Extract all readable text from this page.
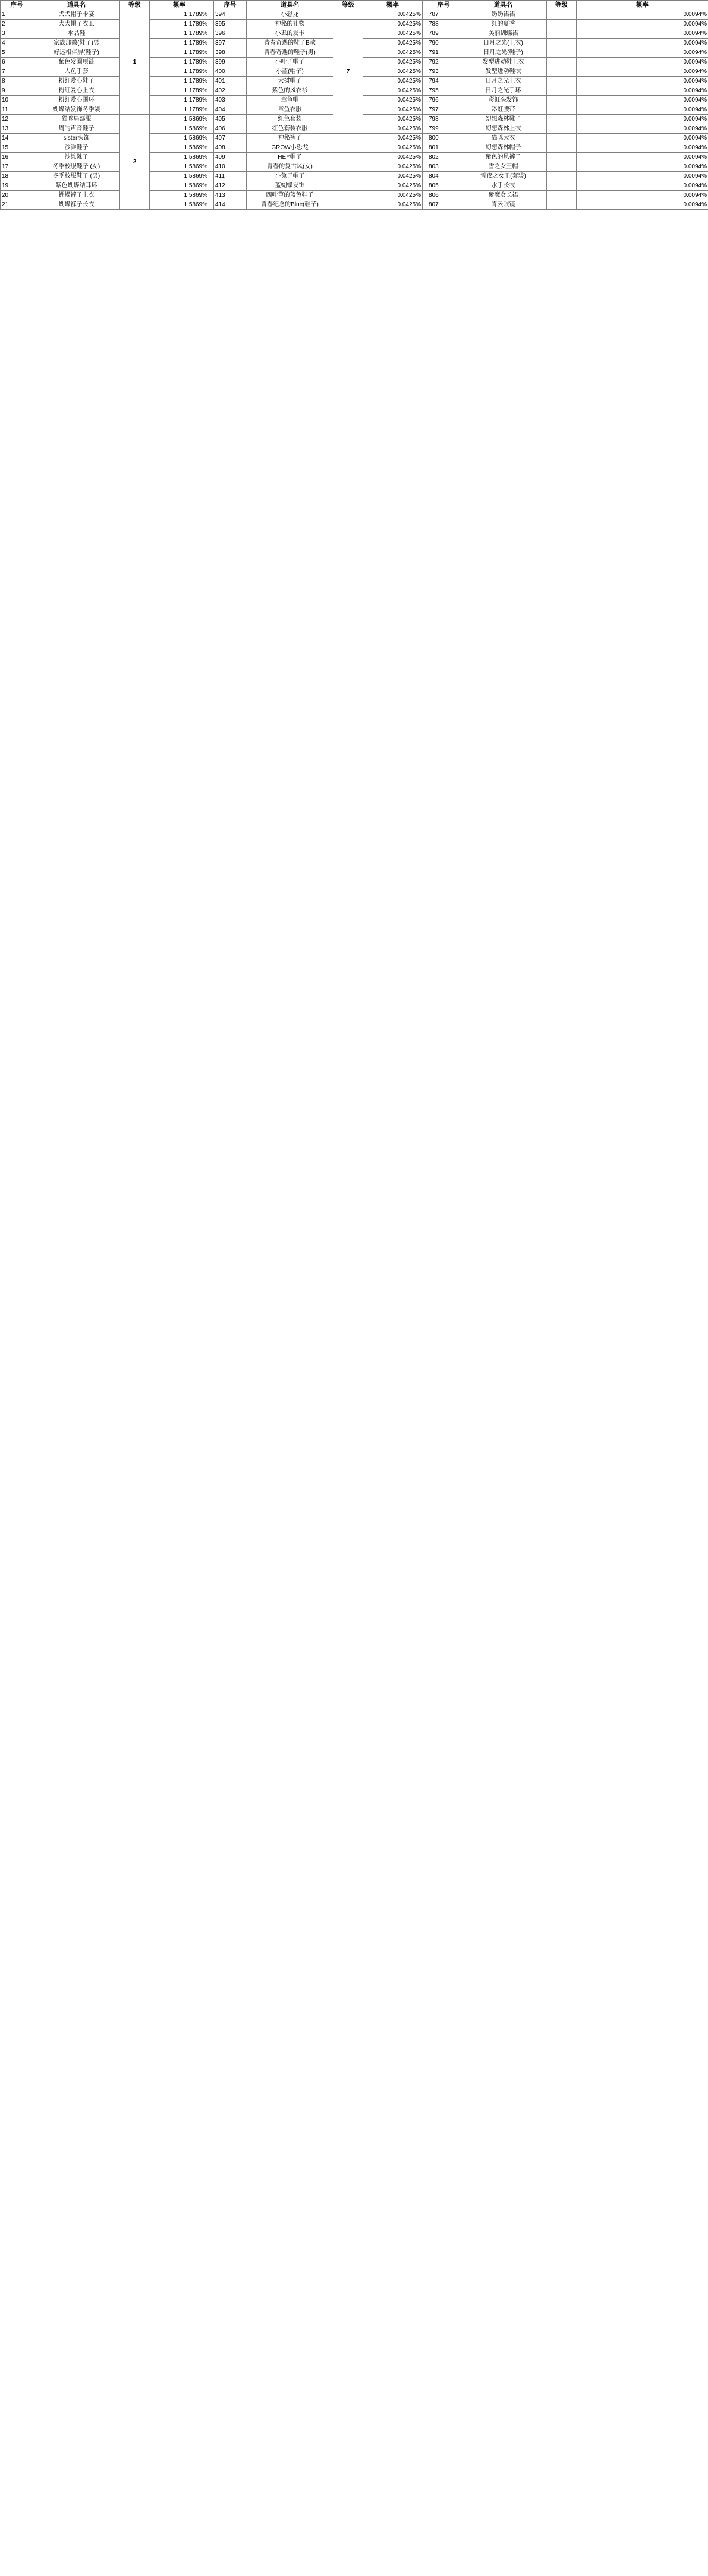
序号	道具名	等级	概率		序号	道具名	等级	概率		序号	道具名	等级	概率
1	犬犬帽子卡宴	1	1.1789%		394	小恐龙		0.0425%		787	奶奶裙裙		0.0094%
2	犬犬帽子衣卫		1.1789%		395	神秘的礼物	7	0.0425%		788	红的夏季		0.0094%
3	水晶鞋		1.1789%		396	小丑的发卡		0.0425%		789	美丽蝴蝶裙		0.0094%
4	家族部徽(鞋子)男		1.1789%		397	青春奇遇的鞋子B款		0.0425%		790	日月之光(上衣)		0.0094%
5	好运相伴屏(鞋子)		1.1789%		398	青春奇遇的鞋子(男)		0.0425%		791	日月之光(鞋子)		0.0094%
6	紫色发圈项链		1.1789%		399	小叶子帽子		0.0425%		792	发型进动鞋上衣		0.0094%
7	人鱼手套		1.1789%		400	小蓝(帽子)		0.0425%		793	发型进动鞋衣		0.0094%
8	粉红爱心鞋子		1.1789%		401	大树帽子		0.0425%		794	日月之光上衣		0.0094%
9	粉红爱心上衣		1.1789%		402	紫色的风衣衫		0.0425%		795	日月之光手环		0.0094%
10	粉红爱心围环		1.1789%		403	章鱼帽		0.0425%		796	彩虹头发饰		0.0094%
11	蝴蝶结发饰冬季装		1.1789%		404	章鱼衣服		0.0425%		797	彩虹腰带		0.0094%
12	猫咪局部服	2	1.5869%		405	红色套装		0.0425%		798	幻想森林靴子		0.0094%
13	周的声音鞋子		1.5869%		406	红色套装衣服		0.0425%		799	幻想森林上衣		0.0094%
14	sister头饰		1.5869%		407	神秘裤子		0.0425%		800	猫咪大衣		0.0094%
15	沙滩鞋子		1.5869%		408	GROW小恐龙		0.0425%		801	幻想森林帽子		0.0094%
16	沙滩靴子		1.5869%		409	HEY帽子		0.0425%		802	紫色的风裤子		0.0094%
17	冬季校服鞋子 (女)		1.5869%		410	青春的复古风(女)		0.0425%		803	雪之女王帽		0.0094%
18	冬季校服鞋子 (男)		1.5869%		411	小兔子帽子		0.0425%		804	雪夜之女王(套装)		0.0094%
19	紫色蝴蝶结耳环		1.5869%		412	蓝蝴蝶发饰		0.0425%		805	水手长衣		0.0094%
20	蝴蝶裤子上衣		1.5869%		413	四叶草的蓝色鞋子		0.0425%		806	紫魔女长裙		0.0094%
21	蝴蝶裤子长衣		1.5869%		414	青春纪念的Blue(鞋子)		0.0425%		807	青云眼镜		0.0094%
